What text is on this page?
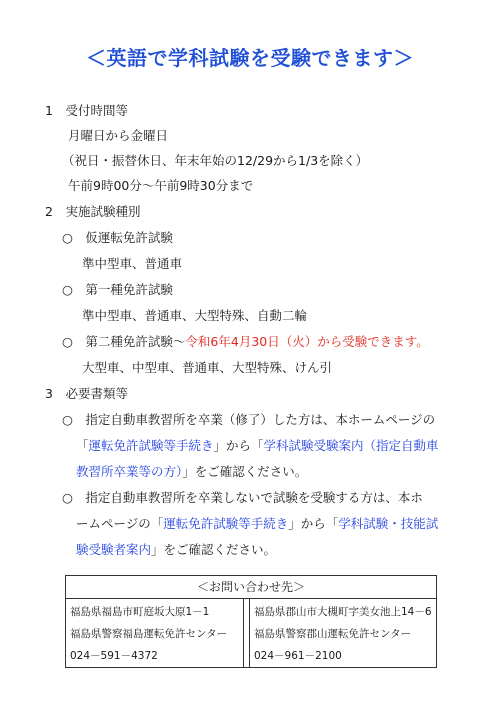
＜英語で学科試験を受験できます＞
1　受付時間等
月曜日から金曜日
（祝日・振替休日、年末年始の12/29から1/3を除く）
午前9時00分～午前9時30分まで
2　実施試験種別
○　仮運転免許試験
準中型車、普通車
○　第一種免許試験
準中型車、普通車、大型特殊、自動二輪
○　第二種免許試験～令和6年4月30日（火）から受験できます。
大型車、中型車、普通車、大型特殊、けん引
3　必要書類等
○　指定自動車教習所を卒業（修了）した方は、本ホームページの
「運転免許試験等手続き」から「学科試験受験案内（指定自動車
教習所卒業等の方）」をご確認ください。
○　指定自動車教習所を卒業しないで試験を受験する方は、本ホ
ームページの「運転免許試験等手続き」から「学科試験・技能試
験受験者案内」をご確認ください。
＜お問い合わせ先＞
福島県福島市町庭坂大原1－1
福島県警察福島運転免許センター
024－591－4372
福島県郡山市大槻町字美女池上14－6
福島県警察郡山運転免許センター
024－961－2100
